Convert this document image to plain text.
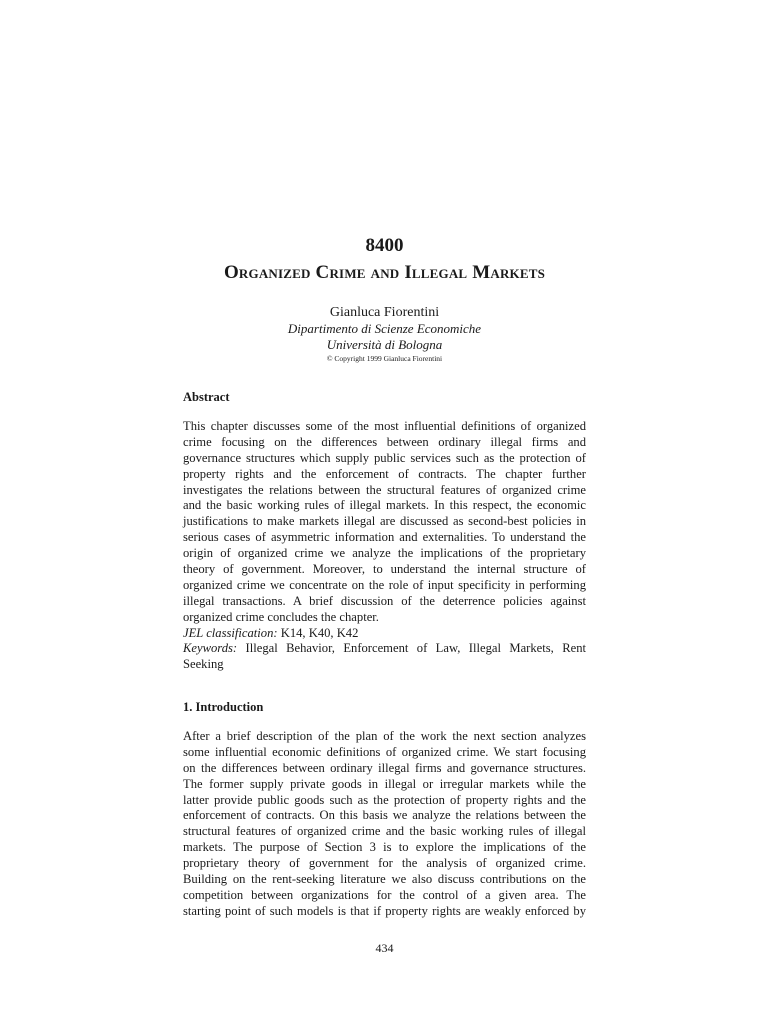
8400
Organized Crime and Illegal Markets
Gianluca Fiorentini
Dipartimento di Scienze Economiche
Università di Bologna
© Copyright 1999 Gianluca Fiorentini
Abstract
This chapter discusses some of the most influential definitions of organized
crime focusing on the differences between ordinary illegal firms and
governance structures which supply public services such as the protection of
property rights and the enforcement of contracts. The chapter further
investigates the relations between the structural features of organized crime
and the basic working rules of illegal markets. In this respect, the economic
justifications to make markets illegal are discussed as second-best policies in
serious cases of asymmetric information and externalities. To understand the
origin of organized crime we analyze the implications of the proprietary
theory of government. Moreover, to understand the internal structure of
organized crime we concentrate on the role of input specificity in performing
illegal transactions. A brief discussion of the deterrence policies against
organized crime concludes the chapter.
JEL classification: K14, K40, K42
Keywords: Illegal Behavior, Enforcement of Law, Illegal Markets, Rent
Seeking
1. Introduction
After a brief description of the plan of the work the next section analyzes
some influential economic definitions of organized crime. We start focusing
on the differences between ordinary illegal firms and governance structures.
The former supply private goods in illegal or irregular markets while the
latter provide public goods such as the protection of property rights and the
enforcement of contracts. On this basis we analyze the relations between the
structural features of organized crime and the basic working rules of illegal
markets. The purpose of Section 3 is to explore the implications of the
proprietary theory of government for the analysis of organized crime.
Building on the rent-seeking literature we also discuss contributions on the
competition between organizations for the control of a given area. The
starting point of such models is that if property rights are weakly enforced by
434
